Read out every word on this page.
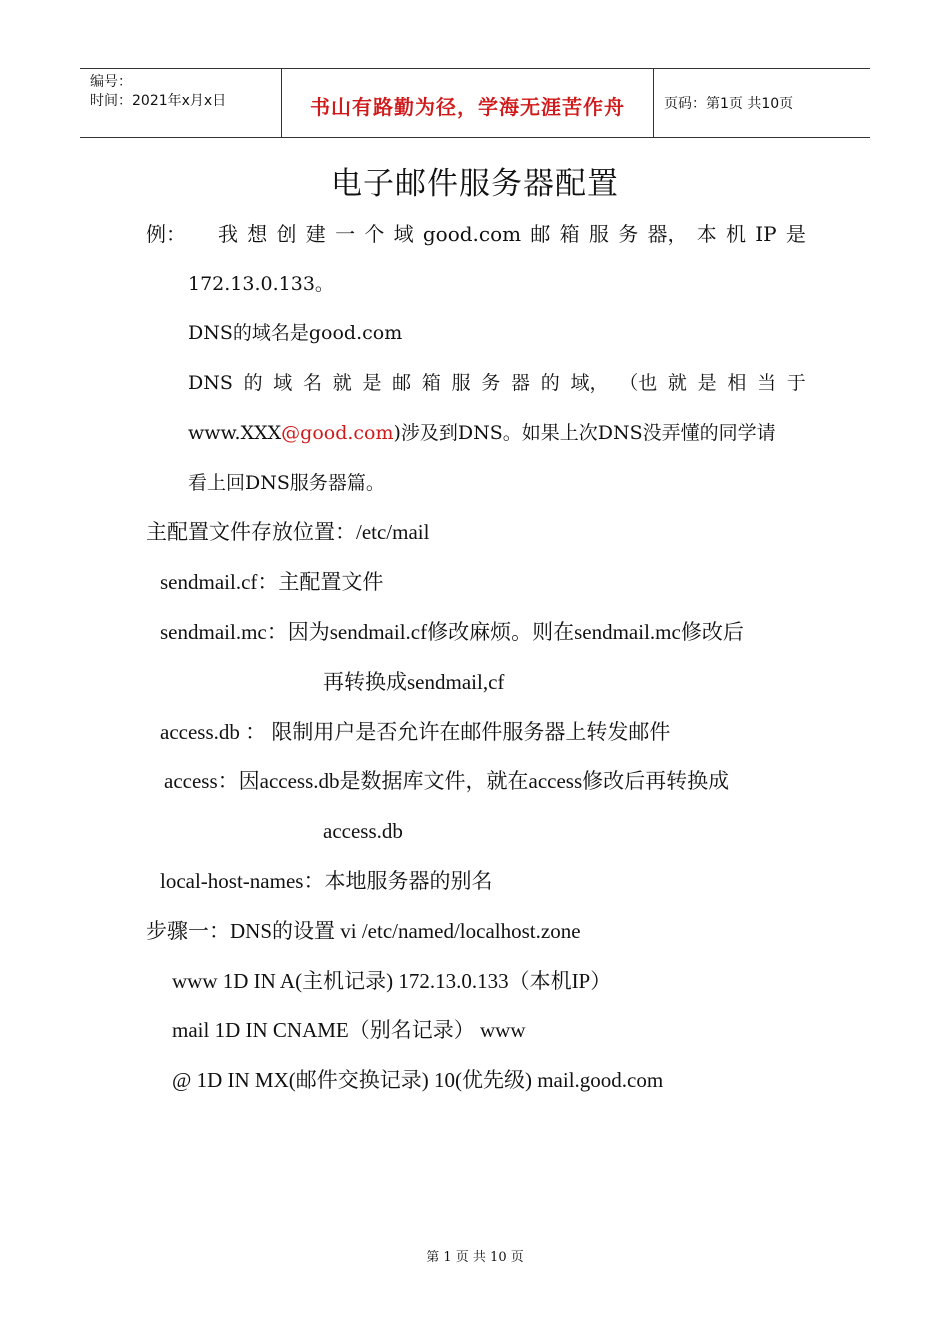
编号：
时间：2021年x月x日	书山有路勤为径，学海无涯苦作舟	页码：第1页 共10页
电子邮件服务器配置
例： 我 想 创 建 一 个 域 good.com 邮 箱 服 务 器， 本 机 IP 是
172.13.0.133。
DNS的域名是good.com
DNS 的 域 名 就 是 邮 箱 服 务 器 的 域， （也 就 是 相 当 于
www.XXX@good.com)涉及到DNS。如果上次DNS没弄懂的同学请
看上回DNS服务器篇。
主配置文件存放位置：/etc/mail
sendmail.cf：主配置文件
sendmail.mc：因为sendmail.cf修改麻烦。则在sendmail.mc修改后
再转换成sendmail,cf
access.db ： 限制用户是否允许在邮件服务器上转发邮件
access：因access.db是数据库文件，就在access修改后再转换成
access.db
local-host-names：本地服务器的别名
步骤一：DNS的设置 vi /etc/named/localhost.zone
www 1D IN A(主机记录) 172.13.0.133（本机IP）
mail 1D IN CNAME（别名记录） www
@ 1D IN MX(邮件交换记录) 10(优先级) mail.good.com
第 1 页 共 10 页
